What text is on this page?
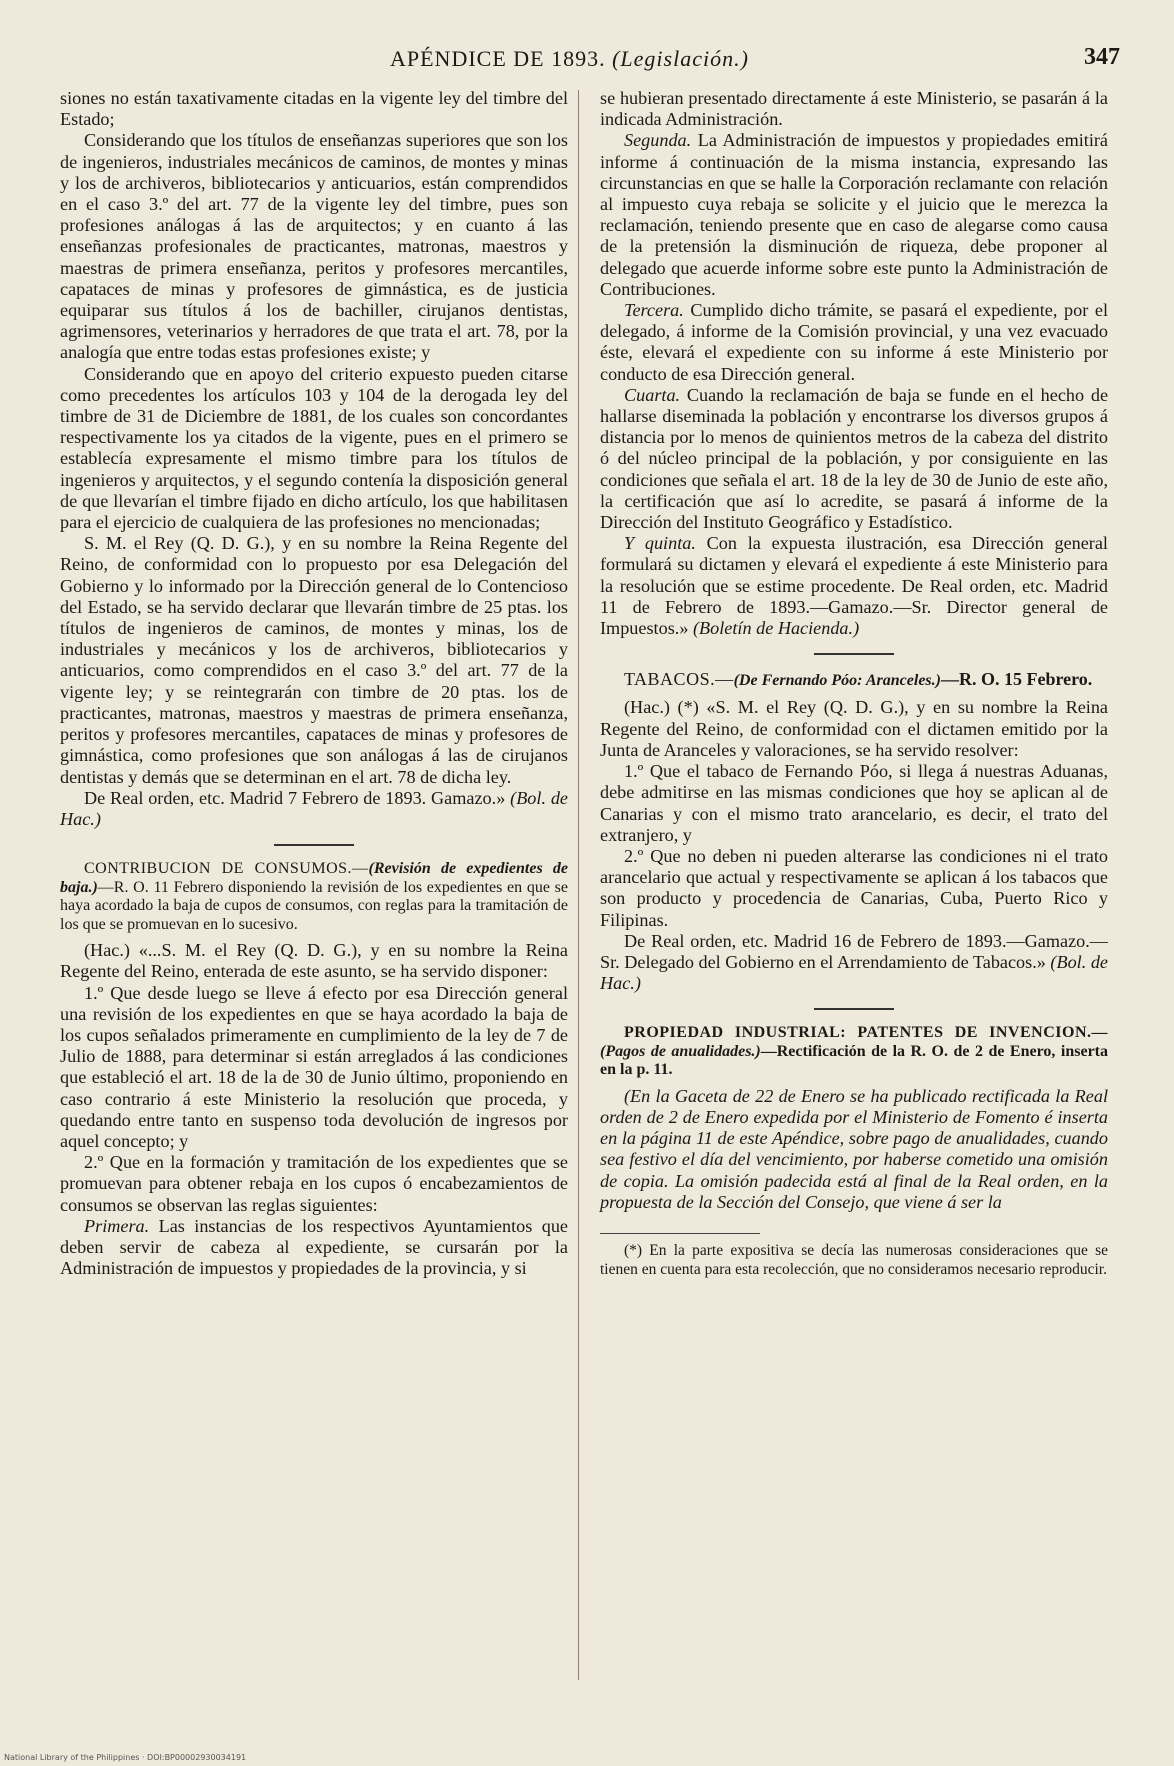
APÉNDICE DE 1893. (Legislación.)	347

siones no están taxativamente citadas en la vigente ley del timbre del Estado;

Considerando que los títulos de enseñanzas superiores que son los de ingenieros, industriales mecánicos de caminos, de montes y minas y los de archiveros, bibliotecarios y anticuarios, están comprendidos en el caso 3.º del art. 77 de la vigente ley del timbre, pues son profesiones análogas á las de arquitectos; y en cuanto á las enseñanzas profesionales de practicantes, matronas, maestros y maestras de primera enseñanza, peritos y profesores mercantiles, capataces de minas y profesores de gimnástica, es de justicia equiparar sus títulos á los de bachiller, cirujanos dentistas, agrimensores, veterinarios y herradores de que trata el art. 78, por la analogía que entre todas estas profesiones existe; y

Considerando que en apoyo del criterio expuesto pueden citarse como precedentes los artículos 103 y 104 de la derogada ley del timbre de 31 de Diciembre de 1881, de los cuales son concordantes respectivamente los ya citados de la vigente, pues en el primero se establecía expresamente el mismo timbre para los títulos de ingenieros y arquitectos, y el segundo contenía la disposición general de que llevarían el timbre fijado en dicho artículo, los que habilitasen para el ejercicio de cualquiera de las profesiones no mencionadas;

S. M. el Rey (Q. D. G.), y en su nombre la Reina Regente del Reino, de conformidad con lo propuesto por esa Delegación del Gobierno y lo informado por la Dirección general de lo Contencioso del Estado, se ha servido declarar que llevarán timbre de 25 ptas. los títulos de ingenieros de caminos, de montes y minas, los de industriales y mecánicos y los de archiveros, bibliotecarios y anticuarios, como comprendidos en el caso 3.º del art. 77 de la vigente ley; y se reintegrarán con timbre de 20 ptas. los de practicantes, matronas, maestros y maestras de primera enseñanza, peritos y profesores mercantiles, capataces de minas y profesores de gimnástica, como profesiones que son análogas á las de cirujanos dentistas y demás que se determinan en el art. 78 de dicha ley.

De Real orden, etc. Madrid 7 Febrero de 1893. Gamazo.» (Bol. de Hac.)

CONTRIBUCION DE CONSUMOS.—(Revisión de expedientes de baja.)—R. O. 11 Febrero disponiendo la revisión de los expedientes en que se haya acordado la baja de cupos de consumos, con reglas para la tramitación de los que se promuevan en lo sucesivo.

(Hac.) «...S. M. el Rey (Q. D. G.), y en su nombre la Reina Regente del Reino, enterada de este asunto, se ha servido disponer:

1.º Que desde luego se lleve á efecto por esa Dirección general una revisión de los expedientes en que se haya acordado la baja de los cupos señalados primeramente en cumplimiento de la ley de 7 de Julio de 1888, para determinar si están arreglados á las condiciones que estableció el art. 18 de la de 30 de Junio último, proponiendo en caso contrario á este Ministerio la resolución que proceda, y quedando entre tanto en suspenso toda devolución de ingresos por aquel concepto; y

2.º Que en la formación y tramitación de los expedientes que se promuevan para obtener rebaja en los cupos ó encabezamientos de consumos se observan las reglas siguientes:

Primera. Las instancias de los respectivos Ayuntamientos que deben servir de cabeza al expediente, se cursarán por la Administración de impuestos y propiedades de la provincia, y si

se hubieran presentado directamente á este Ministerio, se pasarán á la indicada Administración.

Segunda. La Administración de impuestos y propiedades emitirá informe á continuación de la misma instancia, expresando las circunstancias en que se halle la Corporación reclamante con relación al impuesto cuya rebaja se solicite y el juicio que le merezca la reclamación, teniendo presente que en caso de alegarse como causa de la pretensión la disminución de riqueza, debe proponer al delegado que acuerde informe sobre este punto la Administración de Contribuciones.

Tercera. Cumplido dicho trámite, se pasará el expediente, por el delegado, á informe de la Comisión provincial, y una vez evacuado éste, elevará el expediente con su informe á este Ministerio por conducto de esa Dirección general.

Cuarta. Cuando la reclamación de baja se funde en el hecho de hallarse diseminada la población y encontrarse los diversos grupos á distancia por lo menos de quinientos metros de la cabeza del distrito ó del núcleo principal de la población, y por consiguiente en las condiciones que señala el art. 18 de la ley de 30 de Junio de este año, la certificación que así lo acredite, se pasará á informe de la Dirección del Instituto Geográfico y Estadístico.

Y quinta. Con la expuesta ilustración, esa Dirección general formulará su dictamen y elevará el expediente á este Ministerio para la resolución que se estime procedente. De Real orden, etc. Madrid 11 de Febrero de 1893.—Gamazo.—Sr. Director general de Impuestos.» (Boletín de Hacienda.)

TABACOS.—(De Fernando Póo: Aranceles.)—R. O. 15 Febrero.

(Hac.) (*) «S. M. el Rey (Q. D. G.), y en su nombre la Reina Regente del Reino, de conformidad con el dictamen emitido por la Junta de Aranceles y valoraciones, se ha servido resolver:

1.º Que el tabaco de Fernando Póo, si llega á nuestras Aduanas, debe admitirse en las mismas condiciones que hoy se aplican al de Canarias y con el mismo trato arancelario, es decir, el trato del extranjero, y

2.º Que no deben ni pueden alterarse las condiciones ni el trato arancelario que actual y respectivamente se aplican á los tabacos que son producto y procedencia de Canarias, Cuba, Puerto Rico y Filipinas.

De Real orden, etc. Madrid 16 de Febrero de 1893.—Gamazo.—Sr. Delegado del Gobierno en el Arrendamiento de Tabacos.» (Bol. de Hac.)

PROPIEDAD INDUSTRIAL: PATENTES DE INVENCION.—(Pagos de anualidades.)—Rectificación de la R. O. de 2 de Enero, inserta en la p. 11.

(En la Gaceta de 22 de Enero se ha publicado rectificada la Real orden de 2 de Enero expedida por el Ministerio de Fomento é inserta en la página 11 de este Apéndice, sobre pago de anualidades, cuando sea festivo el día del vencimiento, por haberse cometido una omisión de copia. La omisión padecida está al final de la Real orden, en la propuesta de la Sección del Consejo, que viene á ser la

(*) En la parte expositiva se decía las numerosas consideraciones que se tienen en cuenta para esta recolección, que no consideramos necesario reproducir.

National Library of the Philippines · DOI:BP00002930034191
